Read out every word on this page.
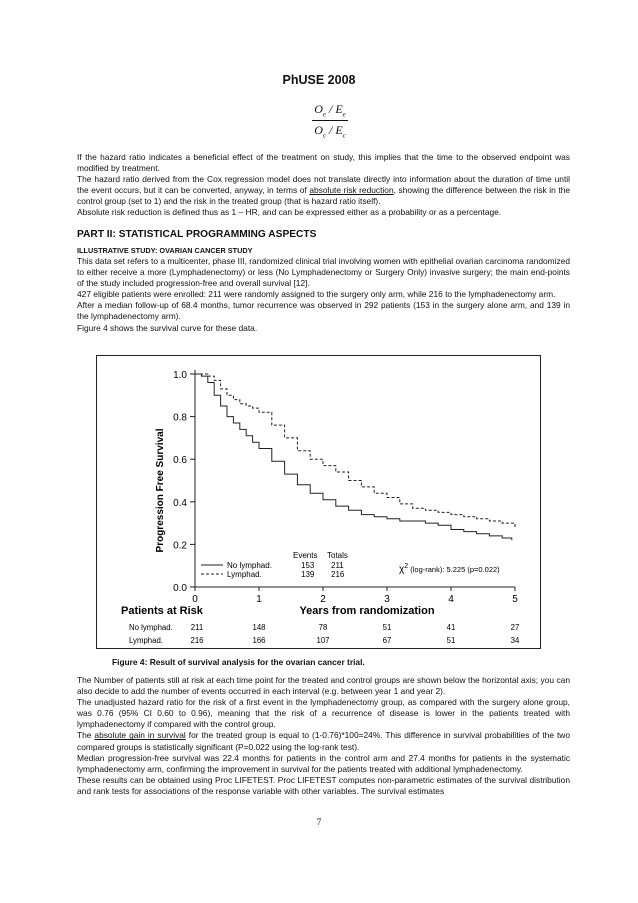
PhUSE 2008
$\frac{O_e / E_e}{O_c / E_c}$

If the hazard ratio indicates a beneficial effect of the treatment on study, this implies that the time to the observed endpoint was modified by treatment.

The hazard ratio derived from the Cox regression model does not translate directly into information about the duration of time until the event occurs, but it can be converted, anyway, in terms of absolute risk reduction, showing the difference between the risk in the control group (set to 1) and the risk in the treated group (that is hazard ratio itself).

Absolute risk reduction is defined thus as 1 – HR, and can be expressed either as a probability or as a percentage.

PART II: STATISTICAL PROGRAMMING ASPECTS
ILLUSTRATIVE STUDY: OVARIAN CANCER STUDY

This data set refers to a multicenter, phase III, randomized clinical trial involving women with epithelial ovarian carcinoma randomized to either receive a more (Lymphadenectomy) or less (No Lymphadenectomy or Surgery Only) invasive surgery; the main end-points of the study included progression-free and overall survival [12].

427 eligible patients were enrolled: 211 were randomly assigned to the surgery only arm, while 216 to the lymphadenectomy arm.

After a median follow-up of 68.4 months, tumor recurrence was observed in 292 patients (153 in the surgery alone arm, and 139 in the lymphadenectomy arm).

Figure 4 shows the survival curve for these data.

0.0
0.2
0.4
0.6
0.8
1.0
0	1	2	3	4	5
Progression Free Survival
Events Totals
No lymphad.	153 211
Lymphad.	139 216	χ2 (log-rank): 5.225 (p=0.022)
Patients at Risk	Years from randomization
No lymphad. 211	148	78	51	41	27
Lymphad.	216	166	107	67	51	34
Figure 4: Result of survival analysis for the ovarian cancer trial.

The Number of patients still at risk at each time point for the treated and control groups are shown below the horizontal axis; you can also decide to add the number of events occurred in each interval (e.g. between year 1 and year 2).

The unadjusted hazard ratio for the risk of a first event in the lymphadenectomy group, as compared with the surgery alone group, was 0.76 (95% CI 0.60 to 0.96), meaning that the risk of a recurrence of disease is lower in the patients treated with lymphadenectomy if compared with the control group.

The absolute gain in survival for the treated group is equal to (1-0.76)*100=24%. This difference in survival probabilities of the two compared groups is statistically significant (P=0.022 using the log-rank test).

Median progression-free survival was 22.4 months for patients in the control arm and 27.4 months for patients in the systematic lymphadenectomy arm, confirming the improvement in survival for the patients treated with additional lymphadenectomy.

These results can be obtained using Proc LIFETEST. Proc LIFETEST computes non-parametric estimates of the survival distribution and rank tests for associations of the response variable with other variables. The survival estimates

7
